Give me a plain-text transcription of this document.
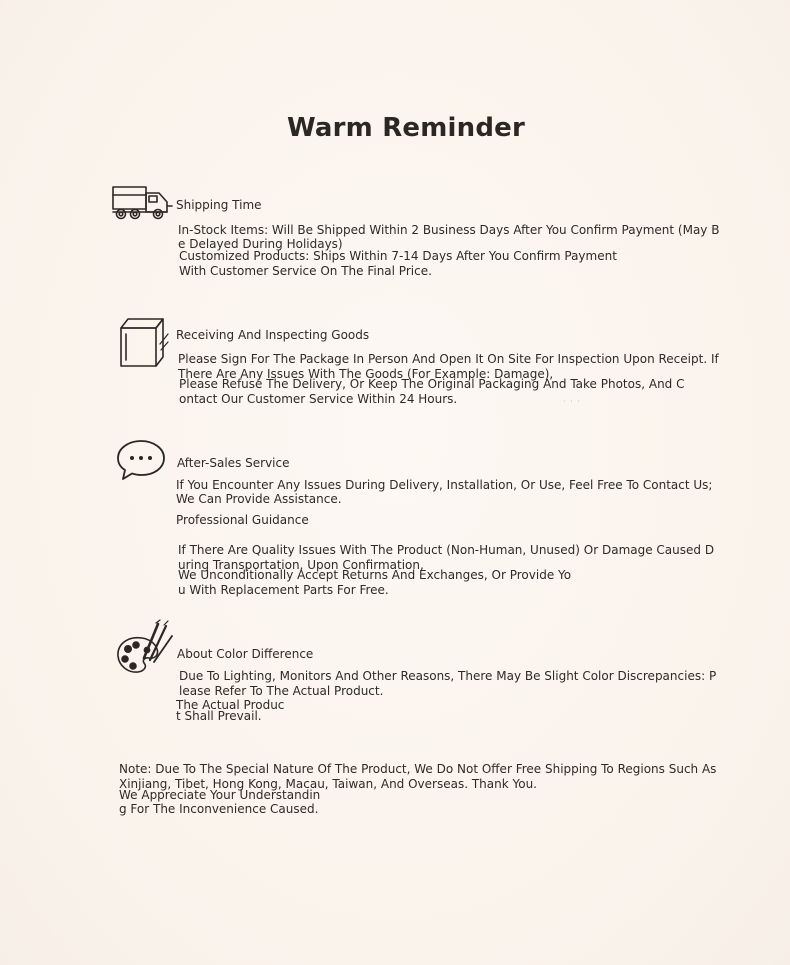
Warm Reminder
Shipping Time
In-Stock Items: Will Be Shipped Within 2 Business Days After You Confirm Payment (May B
e Delayed During Holidays)
Customized Products: Ships Within 7-14 Days After You Confirm Payment
With Customer Service On The Final Price.
Receiving And Inspecting Goods
Please Sign For The Package In Person And Open It On Site For Inspection Upon Receipt. If
There Are Any Issues With The Goods (For Example: Damage),
Please Refuse The Delivery, Or Keep The Original Packaging And Take Photos, And C
ontact Our Customer Service Within 24 Hours.	· · ·
After-Sales Service
If You Encounter Any Issues During Delivery, Installation, Or Use, Feel Free To Contact Us;
We Can Provide Assistance.
Professional Guidance
If There Are Quality Issues With The Product (Non-Human, Unused) Or Damage Caused D
uring Transportation, Upon Confirmation,
We Unconditionally Accept Returns And Exchanges, Or Provide Yo
u With Replacement Parts For Free.
About Color Difference
Due To Lighting, Monitors And Other Reasons, There May Be Slight Color Discrepancies: P
lease Refer To The Actual Product.
The Actual Produc
t Shall Prevail.
Note: Due To The Special Nature Of The Product, We Do Not Offer Free Shipping To Regions Such As
Xinjiang, Tibet, Hong Kong, Macau, Taiwan, And Overseas. Thank You.
We Appreciate Your Understandin
g For The Inconvenience Caused.
